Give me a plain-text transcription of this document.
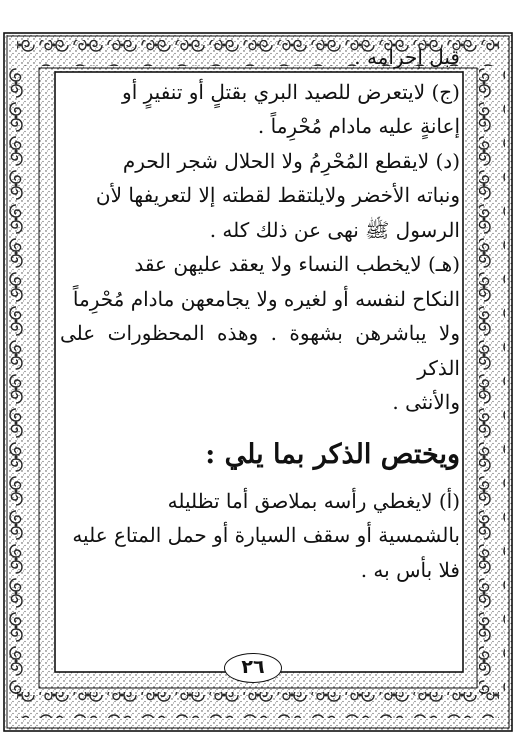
قبل إحرامه .

(ج) لايتعرض للصيد البري بقتلٍ أو تنفيرٍ أو

إعانةٍ عليه مادام مُحْرِماً .

(د) لايقطع المُحْرِمُ ولا الحلال شجر الحرم

ونباته الأخضر ولايلتقط لقطته إلا لتعريفها لأن

الرسول ﷺ نهى عن ذلك كله .

(هـ) لايخطب النساء ولا يعقد عليهن عقد

النكاح لنفسه أو لغيره ولا يجامعهن مادام مُحْرِماً

ولا يباشرهن بشهوة . وهذه المحظورات على الذكر

والأنثى .

ويختص الذكر بما يلي :

(أ) لايغطي رأسه بملاصق أما تظليله

بالشمسية أو سقف السيارة أو حمل المتاع عليه

فلا بأس به .

٢٦
